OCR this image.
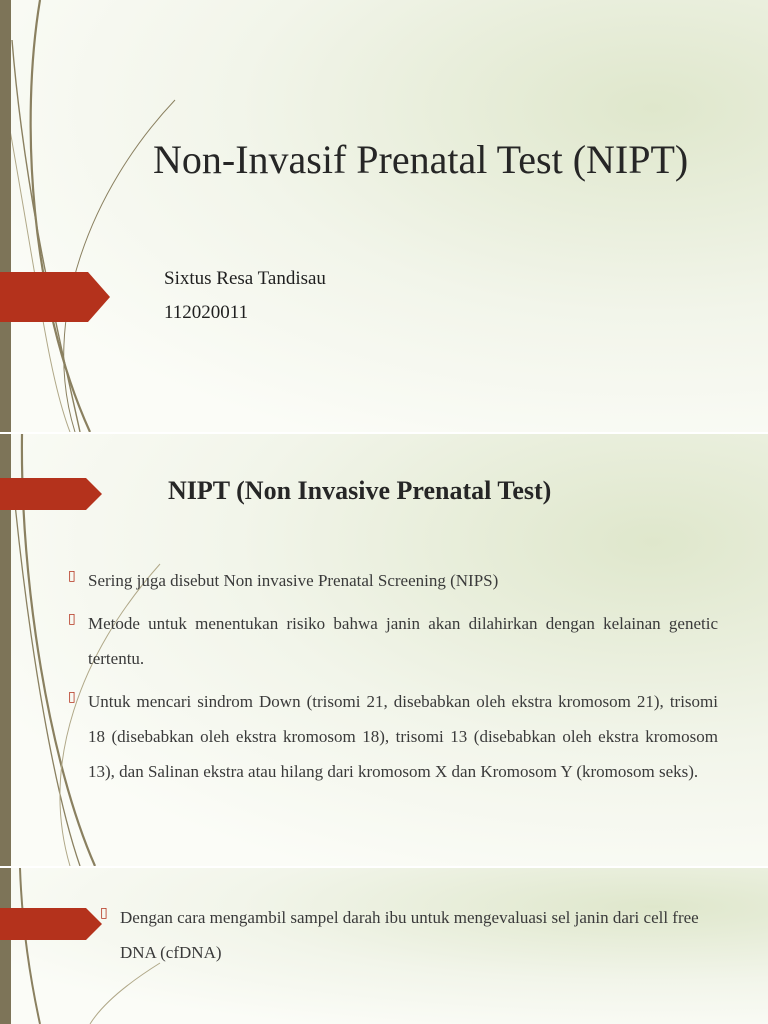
Non-Invasif Prenatal Test (NIPT)

Sixtus Resa Tandisau

112020011

NIPT (Non Invasive Prenatal Test)
▯ Sering juga disebut Non invasive Prenatal Screening (NIPS)
▯ Metode untuk menentukan risiko bahwa janin akan dilahirkan dengan kelainan genetic tertentu.
▯ Untuk mencari sindrom Down (trisomi 21, disebabkan oleh ekstra kromosom 21), trisomi 18 (disebabkan oleh ekstra kromosom 18), trisomi 13 (disebabkan oleh ekstra kromosom 13), dan Salinan ekstra atau hilang dari kromosom X dan Kromosom Y (kromosom seks).
▯ Dengan cara mengambil sampel darah ibu untuk mengevaluasi sel janin dari cell free DNA (cfDNA)
